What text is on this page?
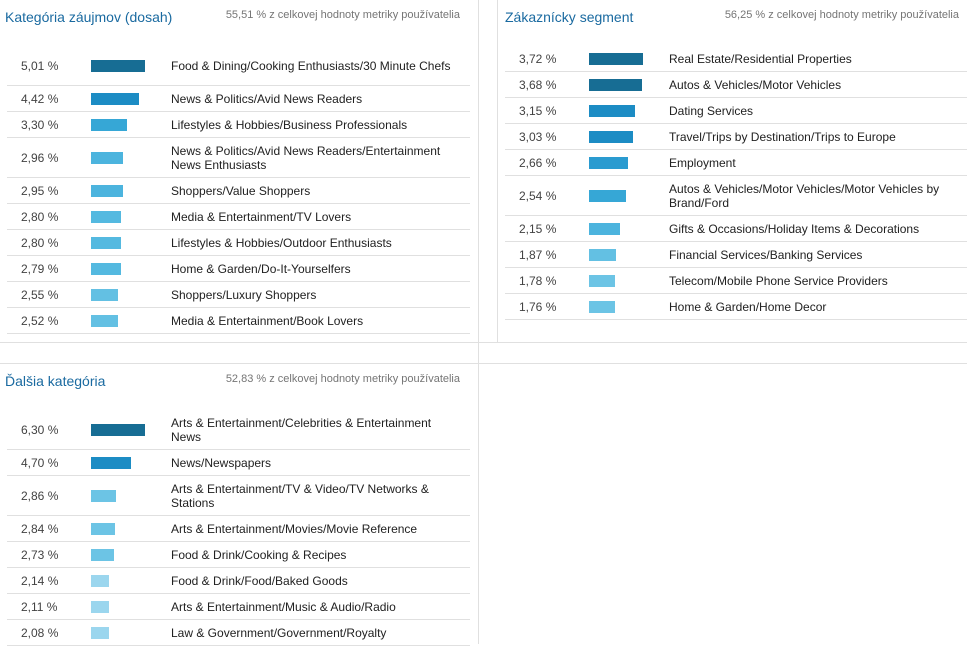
Kategória záujmov (dosah)	55,51 % z celkovej hodnoty metriky používatelia
5,01 %	Food & Dining/Cooking Enthusiasts/30 Minute Chefs
4,42 %	News & Politics/Avid News Readers
3,30 %	Lifestyles & Hobbies/Business Professionals
2,96 %	News & Politics/Avid News Readers/Entertainment News Enthusiasts
2,95 %	Shoppers/Value Shoppers
2,80 %	Media & Entertainment/TV Lovers
2,80 %	Lifestyles & Hobbies/Outdoor Enthusiasts
2,79 %	Home & Garden/Do-It-Yourselfers
2,55 %	Shoppers/Luxury Shoppers
2,52 %	Media & Entertainment/Book Lovers
Zákaznícky segment	56,25 % z celkovej hodnoty metriky používatelia
3,72 %	Real Estate/Residential Properties
3,68 %	Autos & Vehicles/Motor Vehicles
3,15 %	Dating Services
3,03 %	Travel/Trips by Destination/Trips to Europe
2,66 %	Employment
2,54 %	Autos & Vehicles/Motor Vehicles/Motor Vehicles by Brand/Ford
2,15 %	Gifts & Occasions/Holiday Items & Decorations
1,87 %	Financial Services/Banking Services
1,78 %	Telecom/Mobile Phone Service Providers
1,76 %	Home & Garden/Home Decor
Ďalšia kategória	52,83 % z celkovej hodnoty metriky používatelia
6,30 %	Arts & Entertainment/Celebrities & Entertainment News
4,70 %	News/Newspapers
2,86 %	Arts & Entertainment/TV & Video/TV Networks & Stations
2,84 %	Arts & Entertainment/Movies/Movie Reference
2,73 %	Food & Drink/Cooking & Recipes
2,14 %	Food & Drink/Food/Baked Goods
2,11 %	Arts & Entertainment/Music & Audio/Radio
2,08 %	Law & Government/Government/Royalty
